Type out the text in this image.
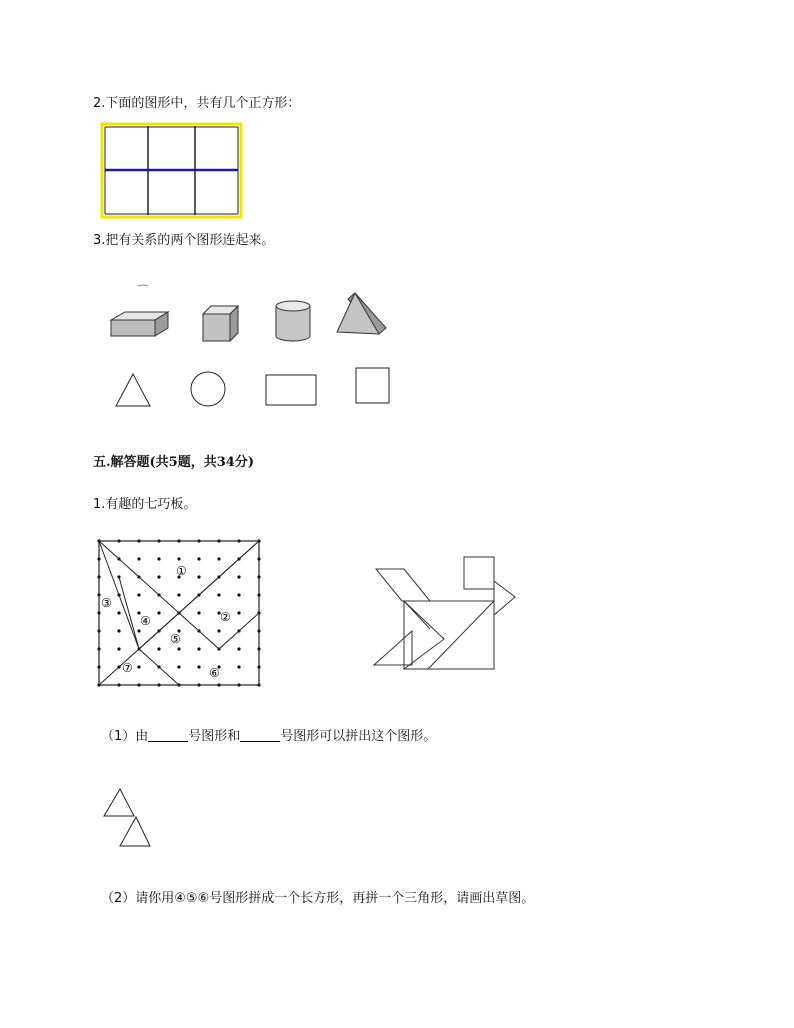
2.下面的图形中，共有几个正方形：
3.把有关系的两个图形连起来。
五.解答题(共5题，共34分)
1.有趣的七巧板。
①
②
③
④
⑤
⑥
⑦
（1）由	号图形和	号图形可以拼出这个图形。
（2）请你用④⑤⑥号图形拼成一个长方形，再拼一个三角形，请画出草图。
